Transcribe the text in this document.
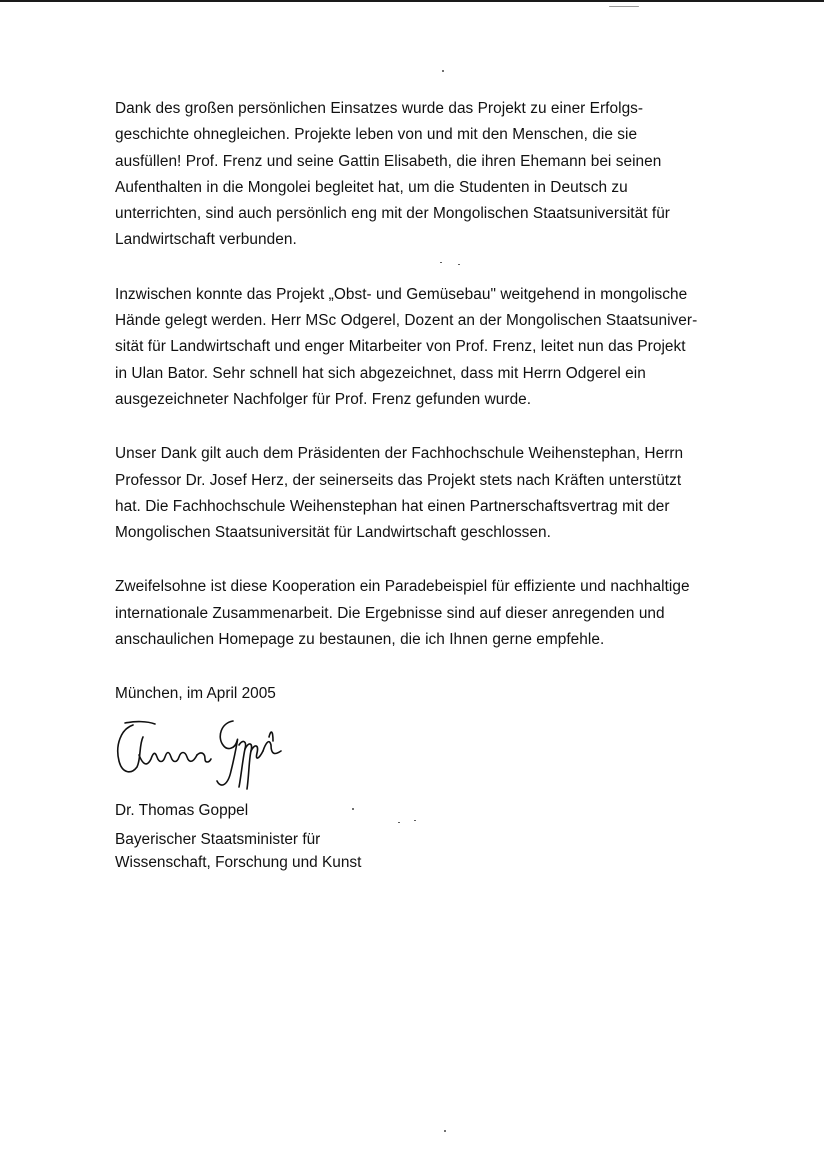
Dank des großen persönlichen Einsatzes wurde das Projekt zu einer Erfolgs-
geschichte ohnegleichen. Projekte leben von und mit den Menschen, die sie
ausfüllen! Prof. Frenz und seine Gattin Elisabeth, die ihren Ehemann bei seinen
Aufenthalten in die Mongolei begleitet hat, um die Studenten in Deutsch zu
unterrichten, sind auch persönlich eng mit der Mongolischen Staatsuniversität für
Landwirtschaft verbunden.

Inzwischen konnte das Projekt „Obst- und Gemüsebau" weitgehend in mongolische
Hände gelegt werden. Herr MSc Odgerel, Dozent an der Mongolischen Staatsuniver-
sität für Landwirtschaft und enger Mitarbeiter von Prof. Frenz, leitet nun das Projekt
in Ulan Bator. Sehr schnell hat sich abgezeichnet, dass mit Herrn Odgerel ein
ausgezeichneter Nachfolger für Prof. Frenz gefunden wurde.

Unser Dank gilt auch dem Präsidenten der Fachhochschule Weihenstephan, Herrn
Professor Dr. Josef Herz, der seinerseits das Projekt stets nach Kräften unterstützt
hat. Die Fachhochschule Weihenstephan hat einen Partnerschaftsvertrag mit der
Mongolischen Staatsuniversität für Landwirtschaft geschlossen.

Zweifelsohne ist diese Kooperation ein Paradebeispiel für effiziente und nachhaltige
internationale Zusammenarbeit. Die Ergebnisse sind auf dieser anregenden und
anschaulichen Homepage zu bestaunen, die ich Ihnen gerne empfehle.

München, im April 2005

Dr. Thomas Goppel

Bayerischer Staatsminister für

Wissenschaft, Forschung und Kunst
